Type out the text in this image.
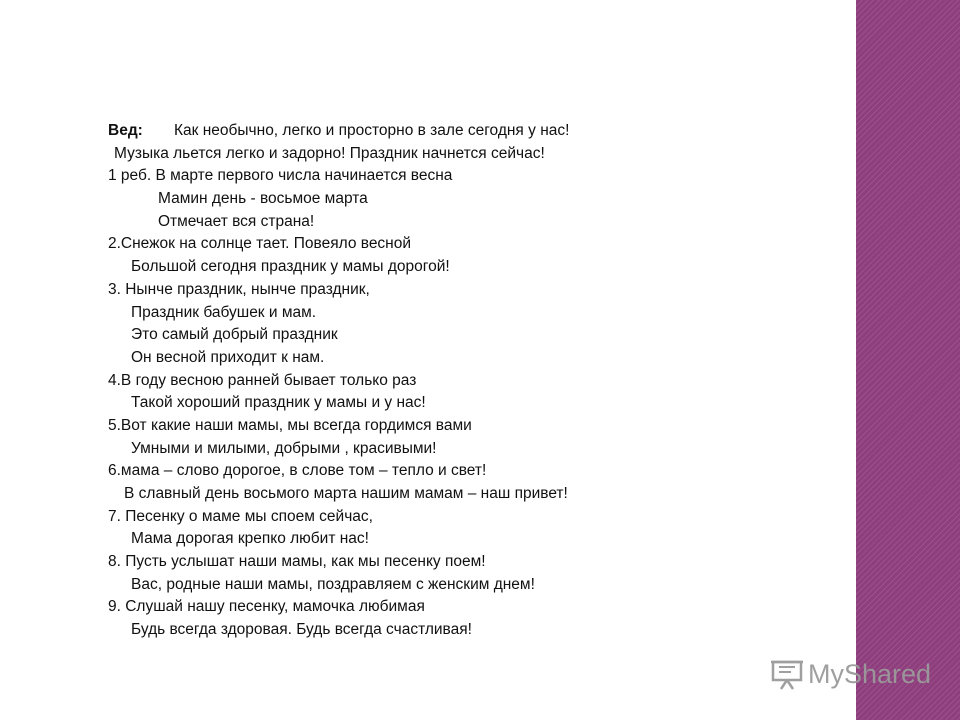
Вед: Как необычно, легко и просторно в зале сегодня у нас!
Музыка льется легко и задорно! Праздник начнется сейчас!
1 реб. В марте первого числа начинается весна
Мамин день - восьмое марта
Отмечает вся страна!
2.Снежок на солнце тает. Повеяло весной
Большой сегодня праздник у мамы дорогой!
3. Нынче праздник, нынче праздник,
Праздник бабушек и мам.
Это самый добрый праздник
Он весной приходит к нам.
4.В году весною ранней бывает только раз
Такой хороший праздник у мамы и у нас!
5.Вот какие наши мамы, мы всегда гордимся вами
Умными и милыми, добрыми , красивыми!
6.мама – слово дорогое, в слове том – тепло и свет!
В славный день восьмого марта нашим мамам – наш привет!
7. Песенку о маме мы споем сейчас,
Мама дорогая крепко любит нас!
8. Пусть услышат наши мамы, как мы песенку поем!
Вас, родные наши мамы, поздравляем с женским днем!
9. Слушай нашу песенку, мамочка любимая
Будь всегда здоровая. Будь всегда счастливая!
MyShared
